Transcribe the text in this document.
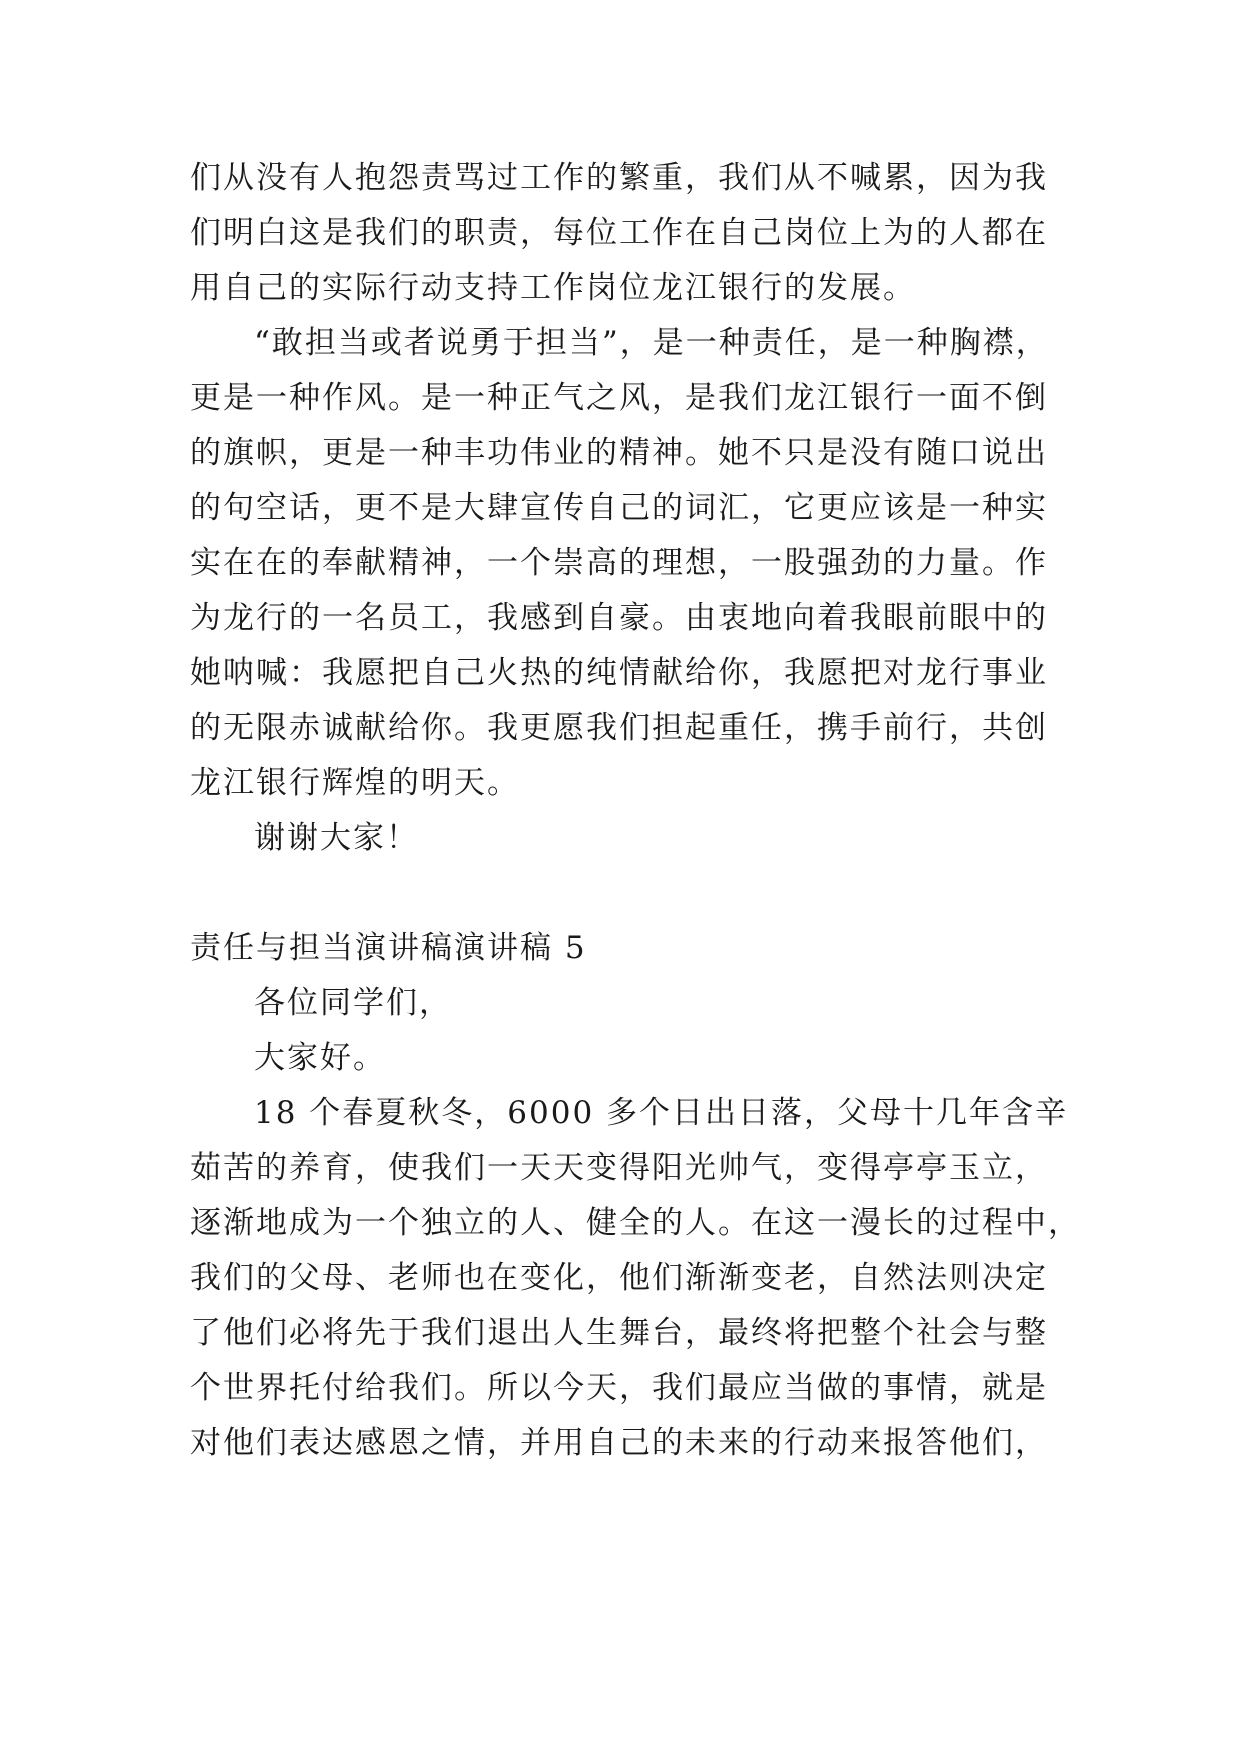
们从没有人抱怨责骂过工作的繁重，我们从不喊累，因为我
们明白这是我们的职责，每位工作在自己岗位上为的人都在
用自己的实际行动支持工作岗位龙江银行的发展。
“敢担当或者说勇于担当”，是一种责任，是一种胸襟，
更是一种作风。是一种正气之风，是我们龙江银行一面不倒
的旗帜，更是一种丰功伟业的精神。她不只是没有随口说出
的句空话，更不是大肆宣传自己的词汇，它更应该是一种实
实在在的奉献精神，一个崇高的理想，一股强劲的力量。作
为龙行的一名员工，我感到自豪。由衷地向着我眼前眼中的
她呐喊：我愿把自己火热的纯情献给你，我愿把对龙行事业
的无限赤诚献给你。我更愿我们担起重任，携手前行，共创
龙江银行辉煌的明天。
谢谢大家！
责任与担当演讲稿演讲稿 5
各位同学们，
大家好。
18 个春夏秋冬，6000 多个日出日落，父母十几年含辛
茹苦的养育，使我们一天天变得阳光帅气，变得亭亭玉立，
逐渐地成为一个独立的人、健全的人。在这一漫长的过程中，
我们的父母、老师也在变化，他们渐渐变老，自然法则决定
了他们必将先于我们退出人生舞台，最终将把整个社会与整
个世界托付给我们。所以今天，我们最应当做的事情，就是
对他们表达感恩之情，并用自己的未来的行动来报答他们，
